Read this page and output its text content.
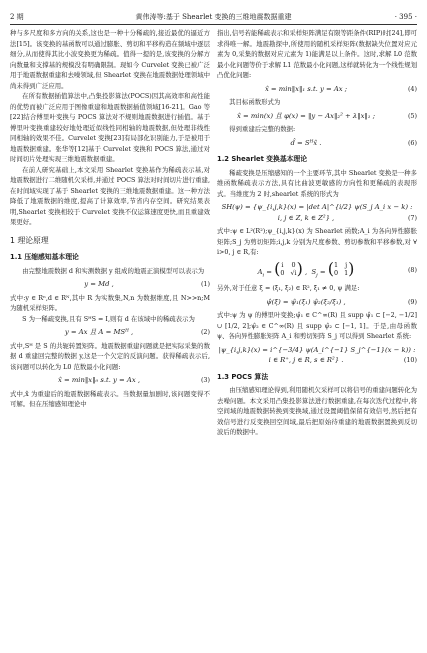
2 期	黄伟涛等:基于 Shearlet 变换的三维地震数据重建	· 395 ·

种与多尺度和多方向的关系,这也是一种十分稀疏的,接近最优的逼近方法[15]。该变换的基函数可以通过膨胀、剪切和平移构造在频域中逐层细分,从而使得其比小波变换更为稀疏。值得一提的是,该变换的分解方向数量和支撑基的规模没有明确限制。现如今 Curvelet 变换已被广泛用于地震数据重建和去噪领域,但 Shearlet 变换在地震数据处理领域中尚未得到广泛应用。

在所有数据插值算法中,凸集投影算法(POCS)因其高效率和高性能的优势而被广泛应用于图像重建和地震数据插值领域[16-21]。Gao 等[22]结合傅里叶变换与 POCS 算法对不规则地震数据进行插值。基于傅里叶变换重建较好地处理近似线性同相轴的地震数据,但处理非线性同相轴的效果不佳。Curvelet 变换[23]有局部化识别能力,于是被用于地震数据重建。张华等[12]基于 Curvelet 变换和 POCS 算法,通过对时间切片处理实现三维地震数据重建。

在前人研究基础上,本文采用 Shearlet 变换基作为稀疏表示基,对地震数据进行二维随机欠采样,并通过 POCS 算法对时间切片进行重建,在时间域实现了基于 Shearlet 变换的三维地震数据重建。这一种方法降低了地震数据的维度,提高了计算效率,节省内存空间。研究结果表明,Shearlet 变换相较于 Curvelet 变换不仅运算速度更快,而且重建效果更好。

1 理论原理
1.1 压缩感知基本理论

由完整地震数据 d 和实测数据 y 组成的地震正演模型可以表示为

y = Md ,	(1)

式中:y ∈ Rⁿ,d ∈ Rᴺ,其中 R 为实数集,N,n 为数据维度,且 N>>n;M 为随机采样矩阵。

S 为一稀疏变换,且有 SᴴS = I,则有 d 在该域中的稀疏表示为

y = Ax 且 A = MSᴴ ,	(2)

式中,Sᴴ 是 S 的共轭转置矩阵。地震数据重建问题就是把实际采集的数据 d 重建回完整的数据 y,这是一个欠定的反演问题。获得稀疏表示后,该问题可以转化为 L0 范数最小化问题:

x̂ = min‖x‖₀ s.t. y = Ax ,	(3)

式中,x̂ 为重建后的地震数据稀疏表示。当数据量加剧时,该问题变得不可解。但在压缩感知理论中

指出,信号若能稀疏表示和采样矩阵满足有限等距条件(RIP)时[24],即可求得唯一解。地震勘探中,所使用的随机采样矩阵(数据缺失位置对应元素为 0,采集的数据对应元素为 1)能满足以上条件。这时,求解 L0 范数最小化问题等价于求解 L1 范数最小化问题,这样就转化为一个线性规划凸优化问题:

x̂ = min‖x‖₁ s.t. y = Ax ;	(4)

其目标函数形式为

x̂ = min(x) 且 φ(x) = ‖y − Ax‖₂² + λ‖x‖₁ ;	(5)

得到重建后完整的数据:

d̂ = Sᴴx̂ .	(6)
1.2 Shearlet 变换基本理论

稀疏变换是压缩感知的一个主要环节,其中 Shearlet 变换是一种多维函数稀疏表示方法,具有比曲波更敏感的方向性和更稀疏的表现形式。当维度为 2 时,shearlet 系统的形式为

SH(ψ) = {ψ_{i,j,k}(x) = |det A|^{i/2} ψ(S_j A_i x − k) :
i, j ∈ Z, k ∈ Z²} ,	(7)

式中:ψ ∈ L²(R²);ψ_{i,j,k}(x) 为 Shearlet 函数;A_i 为各向异性膨胀矩阵;S_j 为剪切矩阵;i,j,k 分别为尺度参数、剪切参数和平移参数,对 ∀ i>0, j ∈ R,有:

$A_i$ = ( i 0
0 √i ) ,  $S_j$ = ( 1 j
0 1 )	(8)

另外,对于任意 ξ = (ξ₁, ξ₂) ∈ R², ξ₁ ≠ 0, ψ 满足:

ψ̂(ξ) = ψ̂₁(ξ₁) ψ̂₂(ξ₂/ξ₁) ,	(9)

式中:ψ 为 ψ 的傅里叶变换;ψ̂₁ ∈ C^∞(R) 且 supp ψ̂₁ ⊂ [−2, −1/2] ∪ [1/2, 2];ψ̂₂ ∈ C^∞(R) 且 supp ψ̂₂ ⊂ [−1, 1]。于是,由母函数 ψ、各向异性膨胀矩阵 A_i 和剪切矩阵 S_j 可以得到 Shearlet 系统:

|ψ_{i,j,k}(x) = i^{−3/4} ψ(A_i^{−1} S_j^{−1}(x − k)) :
i ∈ R⁺, j ∈ R, s ∈ R²} .	(10)
1.3 POCS 算法

由压缩感知理论得到,利用随机欠采样可以将信号的重建问题转化为去噪问题。本文采用凸集投影算法进行数据重建,在每次迭代过程中,将空间域的地震数据转换到变换域,通过设置阈值保留有效信号,然后把有效信号进行反变换回空间域,最后把原始待重建的地震数据置换到反切波后的数据中。
